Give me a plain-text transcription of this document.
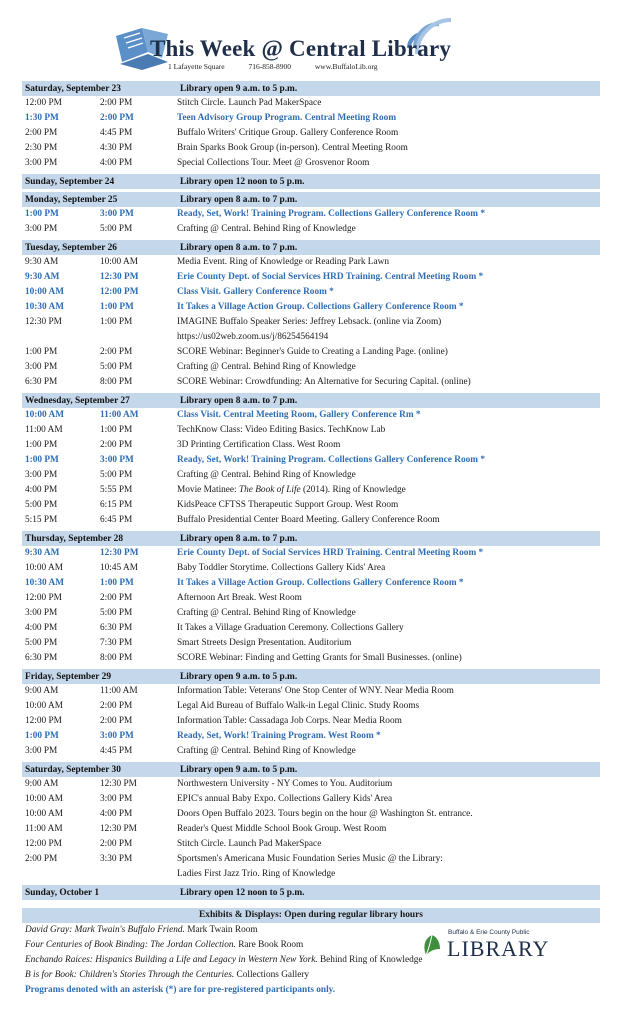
This Week @ Central Library
1 Lafayette Square	716-858-8900	www.BuffaloLib.org
Saturday, September 23	Library open 9 a.m. to 5 p.m.
12:00 PM	2:00 PM	Stitch Circle. Launch Pad MakerSpace
1:30 PM	2:00 PM	Teen Advisory Group Program. Central Meeting Room
2:00 PM	4:45 PM	Buffalo Writers' Critique Group. Gallery Conference Room
2:30 PM	4:30 PM	Brain Sparks Book Group (in-person). Central Meeting Room
3:00 PM	4:00 PM	Special Collections Tour. Meet @ Grosvenor Room
Sunday, September 24	Library open 12 noon to 5 p.m.
Monday, September 25	Library open 8 a.m. to 7 p.m.
1:00 PM	3:00 PM	Ready, Set, Work! Training Program. Collections Gallery Conference Room *
3:00 PM	5:00 PM	Crafting @ Central. Behind Ring of Knowledge
Tuesday, September 26	Library open 8 a.m. to 7 p.m.
9:30 AM	10:00 AM	Media Event. Ring of Knowledge or Reading Park Lawn
9:30 AM	12:30 PM	Erie County Dept. of Social Services HRD Training. Central Meeting Room *
10:00 AM	12:00 PM	Class Visit. Gallery Conference Room *
10:30 AM	1:00 PM	It Takes a Village Action Group. Collections Gallery Conference Room *
12:30 PM	1:00 PM	IMAGINE Buffalo Speaker Series: Jeffrey Lebsack. (online via Zoom)
https://us02web.zoom.us/j/86254564194
1:00 PM	2:00 PM	SCORE Webinar: Beginner's Guide to Creating a Landing Page. (online)
3:00 PM	5:00 PM	Crafting @ Central. Behind Ring of Knowledge
6:30 PM	8:00 PM	SCORE Webinar: Crowdfunding: An Alternative for Securing Capital. (online)
Wednesday, September 27	Library open 8 a.m. to 7 p.m.
10:00 AM	11:00 AM	Class Visit. Central Meeting Room, Gallery Conference Rm *
11:00 AM	1:00 PM	TechKnow Class: Video Editing Basics. TechKnow Lab
1:00 PM	2:00 PM	3D Printing Certification Class. West Room
1:00 PM	3:00 PM	Ready, Set, Work! Training Program. Collections Gallery Conference Room *
3:00 PM	5:00 PM	Crafting @ Central. Behind Ring of Knowledge
4:00 PM	5:55 PM	Movie Matinee: The Book of Life (2014). Ring of Knowledge
5:00 PM	6:15 PM	KidsPeace CFTSS Therapeutic Support Group. West Room
5:15 PM	6:45 PM	Buffalo Presidential Center Board Meeting. Gallery Conference Room
Thursday, September 28	Library open 8 a.m. to 7 p.m.
9:30 AM	12:30 PM	Erie County Dept. of Social Services HRD Training. Central Meeting Room *
10:00 AM	10:45 AM	Baby Toddler Storytime. Collections Gallery Kids' Area
10:30 AM	1:00 PM	It Takes a Village Action Group. Collections Gallery Conference Room *
12:00 PM	2:00 PM	Afternoon Art Break. West Room
3:00 PM	5:00 PM	Crafting @ Central. Behind Ring of Knowledge
4:00 PM	6:30 PM	It Takes a Village Graduation Ceremony. Collections Gallery
5:00 PM	7:30 PM	Smart Streets Design Presentation. Auditorium
6:30 PM	8:00 PM	SCORE Webinar: Finding and Getting Grants for Small Businesses. (online)
Friday, September 29	Library open 9 a.m. to 5 p.m.
9:00 AM	11:00 AM	Information Table: Veterans' One Stop Center of WNY. Near Media Room
10:00 AM	2:00 PM	Legal Aid Bureau of Buffalo Walk-in Legal Clinic. Study Rooms
12:00 PM	2:00 PM	Information Table: Cassadaga Job Corps. Near Media Room
1:00 PM	3:00 PM	Ready, Set, Work! Training Program. West Room *
3:00 PM	4:45 PM	Crafting @ Central. Behind Ring of Knowledge
Saturday, September 30	Library open 9 a.m. to 5 p.m.
9:00 AM	12:30 PM	Northwestern University - NY Comes to You. Auditorium
10:00 AM	3:00 PM	EPIC's annual Baby Expo. Collections Gallery Kids' Area
10:00 AM	4:00 PM	Doors Open Buffalo 2023. Tours begin on the hour @ Washington St. entrance.
11:00 AM	12:30 PM	Reader's Quest Middle School Book Group. West Room
12:00 PM	2:00 PM	Stitch Circle. Launch Pad MakerSpace
2:00 PM	3:30 PM	Sportsmen's Americana Music Foundation Series Music @ the Library:
Ladies First Jazz Trio. Ring of Knowledge
Sunday, October 1	Library open 12 noon to 5 p.m.
Exhibits & Displays: Open during regular library hours
David Gray: Mark Twain's Buffalo Friend. Mark Twain Room
Four Centuries of Book Binding: The Jordan Collection. Rare Book Room
Enchando Raíces: Hispanics Building a Life and Legacy in Western New York. Behind Ring of Knowledge
B is for Book: Children's Stories Through the Centuries. Collections Gallery
Programs denoted with an asterisk (*) are for pre-registered participants only.
Buffalo & Erie County Public
LIBRARY
